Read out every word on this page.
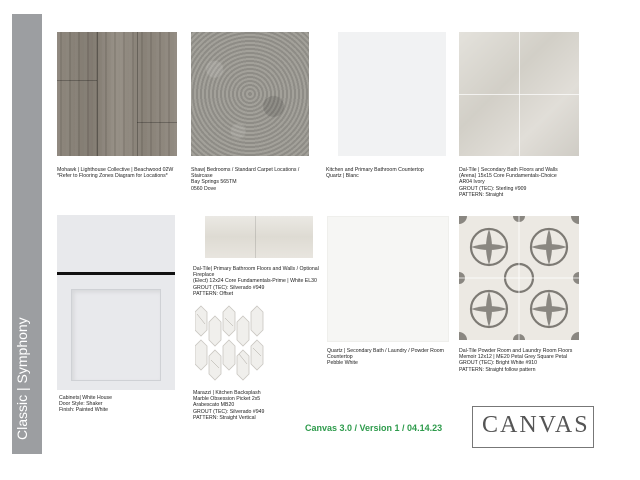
Classic | Symphony
Mohawk | Lighthouse Collective | Beachwood 02W
*Refer to Flooring Zones Diagram for Locations*
Shaw| Bedrooms / Standard Carpet Locations /
Staircase
Bay Springs 565TM
0560 Dove
Kitchen and Primary Bathroom Countertop
Quartz | Blanc
Dal-Tile | Secondary Bath Floors and Walls
(Arena) 15x15 Core Fundamentals-Choice
AR04 Ivory
GROUT (TEC): Sterling #909
PATTERN: Straight
Cabinets| White House
Door Style: Shaker
Finish: Painted White
Dal-Tile| Primary Bathroom Floors and Walls / Optional
Fireplace
(Elect) 12x24 Core Fundamentals-Prime | White EL30
GROUT (TEC): Silverado #949
PATTERN: Offset
Marazzi | Kitchen Backsplash
Marble Obsession Picket 2x5
Arabescato MB20
GROUT (TEC): Silverado #949
PATTERN: Straight Vertical
Quartz | Secondary Bath / Laundry / Powder Room
Countertop
Pebble White
Dal-Tile Powder Room and Laundry Room Floors
Memoir 12x12 | ME20 Petal Grey Square Petal
GROUT (TEC): Bright White #910
PATTERN: Straight follow pattern
Canvas 3.0 / Version 1 / 04.14.23 CANVAS
